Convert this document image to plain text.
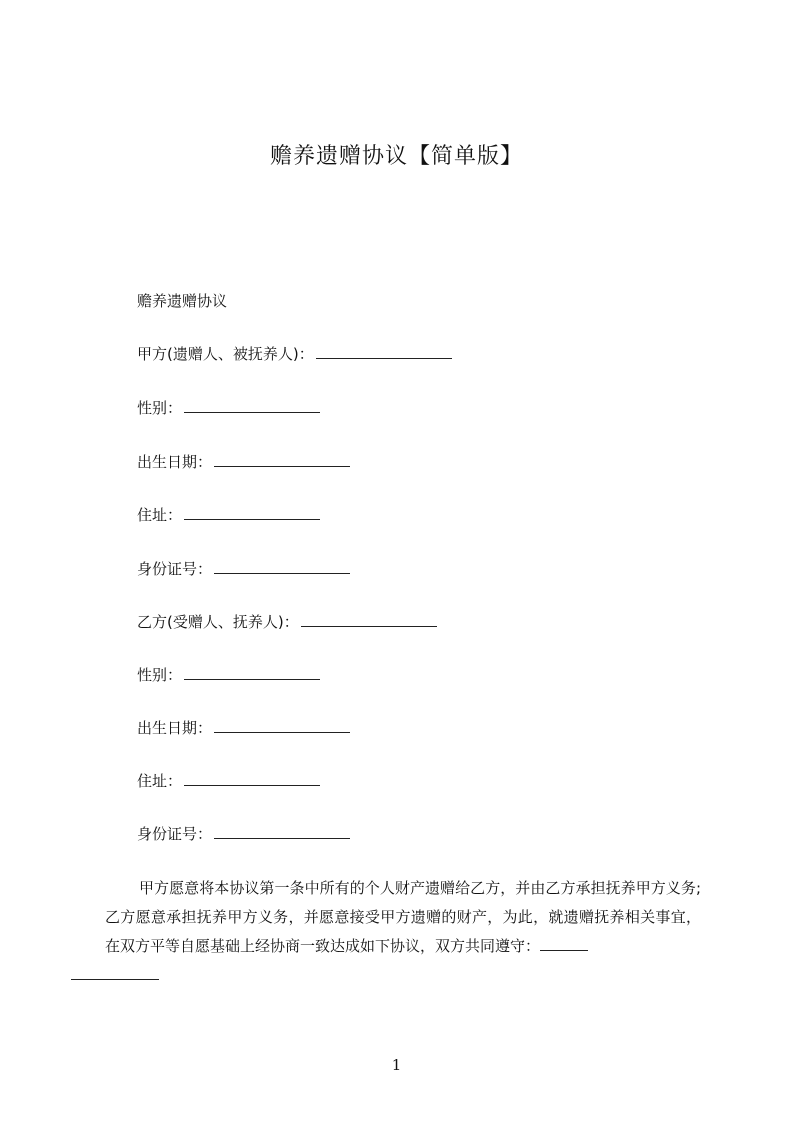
赡养遗赠协议【简单版】
赡养遗赠协议
甲方(遗赠人、被抚养人)：
性别：
出生日期：
住址：
身份证号：
乙方(受赠人、抚养人)：
性别：
出生日期：
住址：
身份证号：

甲方愿意将本协议第一条中所有的个人财产遗赠给乙方，并由乙方承担抚养甲方义务;乙方愿意承担抚养甲方义务，并愿意接受甲方遗赠的财产，为此，就遗赠抚养相关事宜，在双方平等自愿基础上经协商一致达成如下协议，双方共同遵守：

1
